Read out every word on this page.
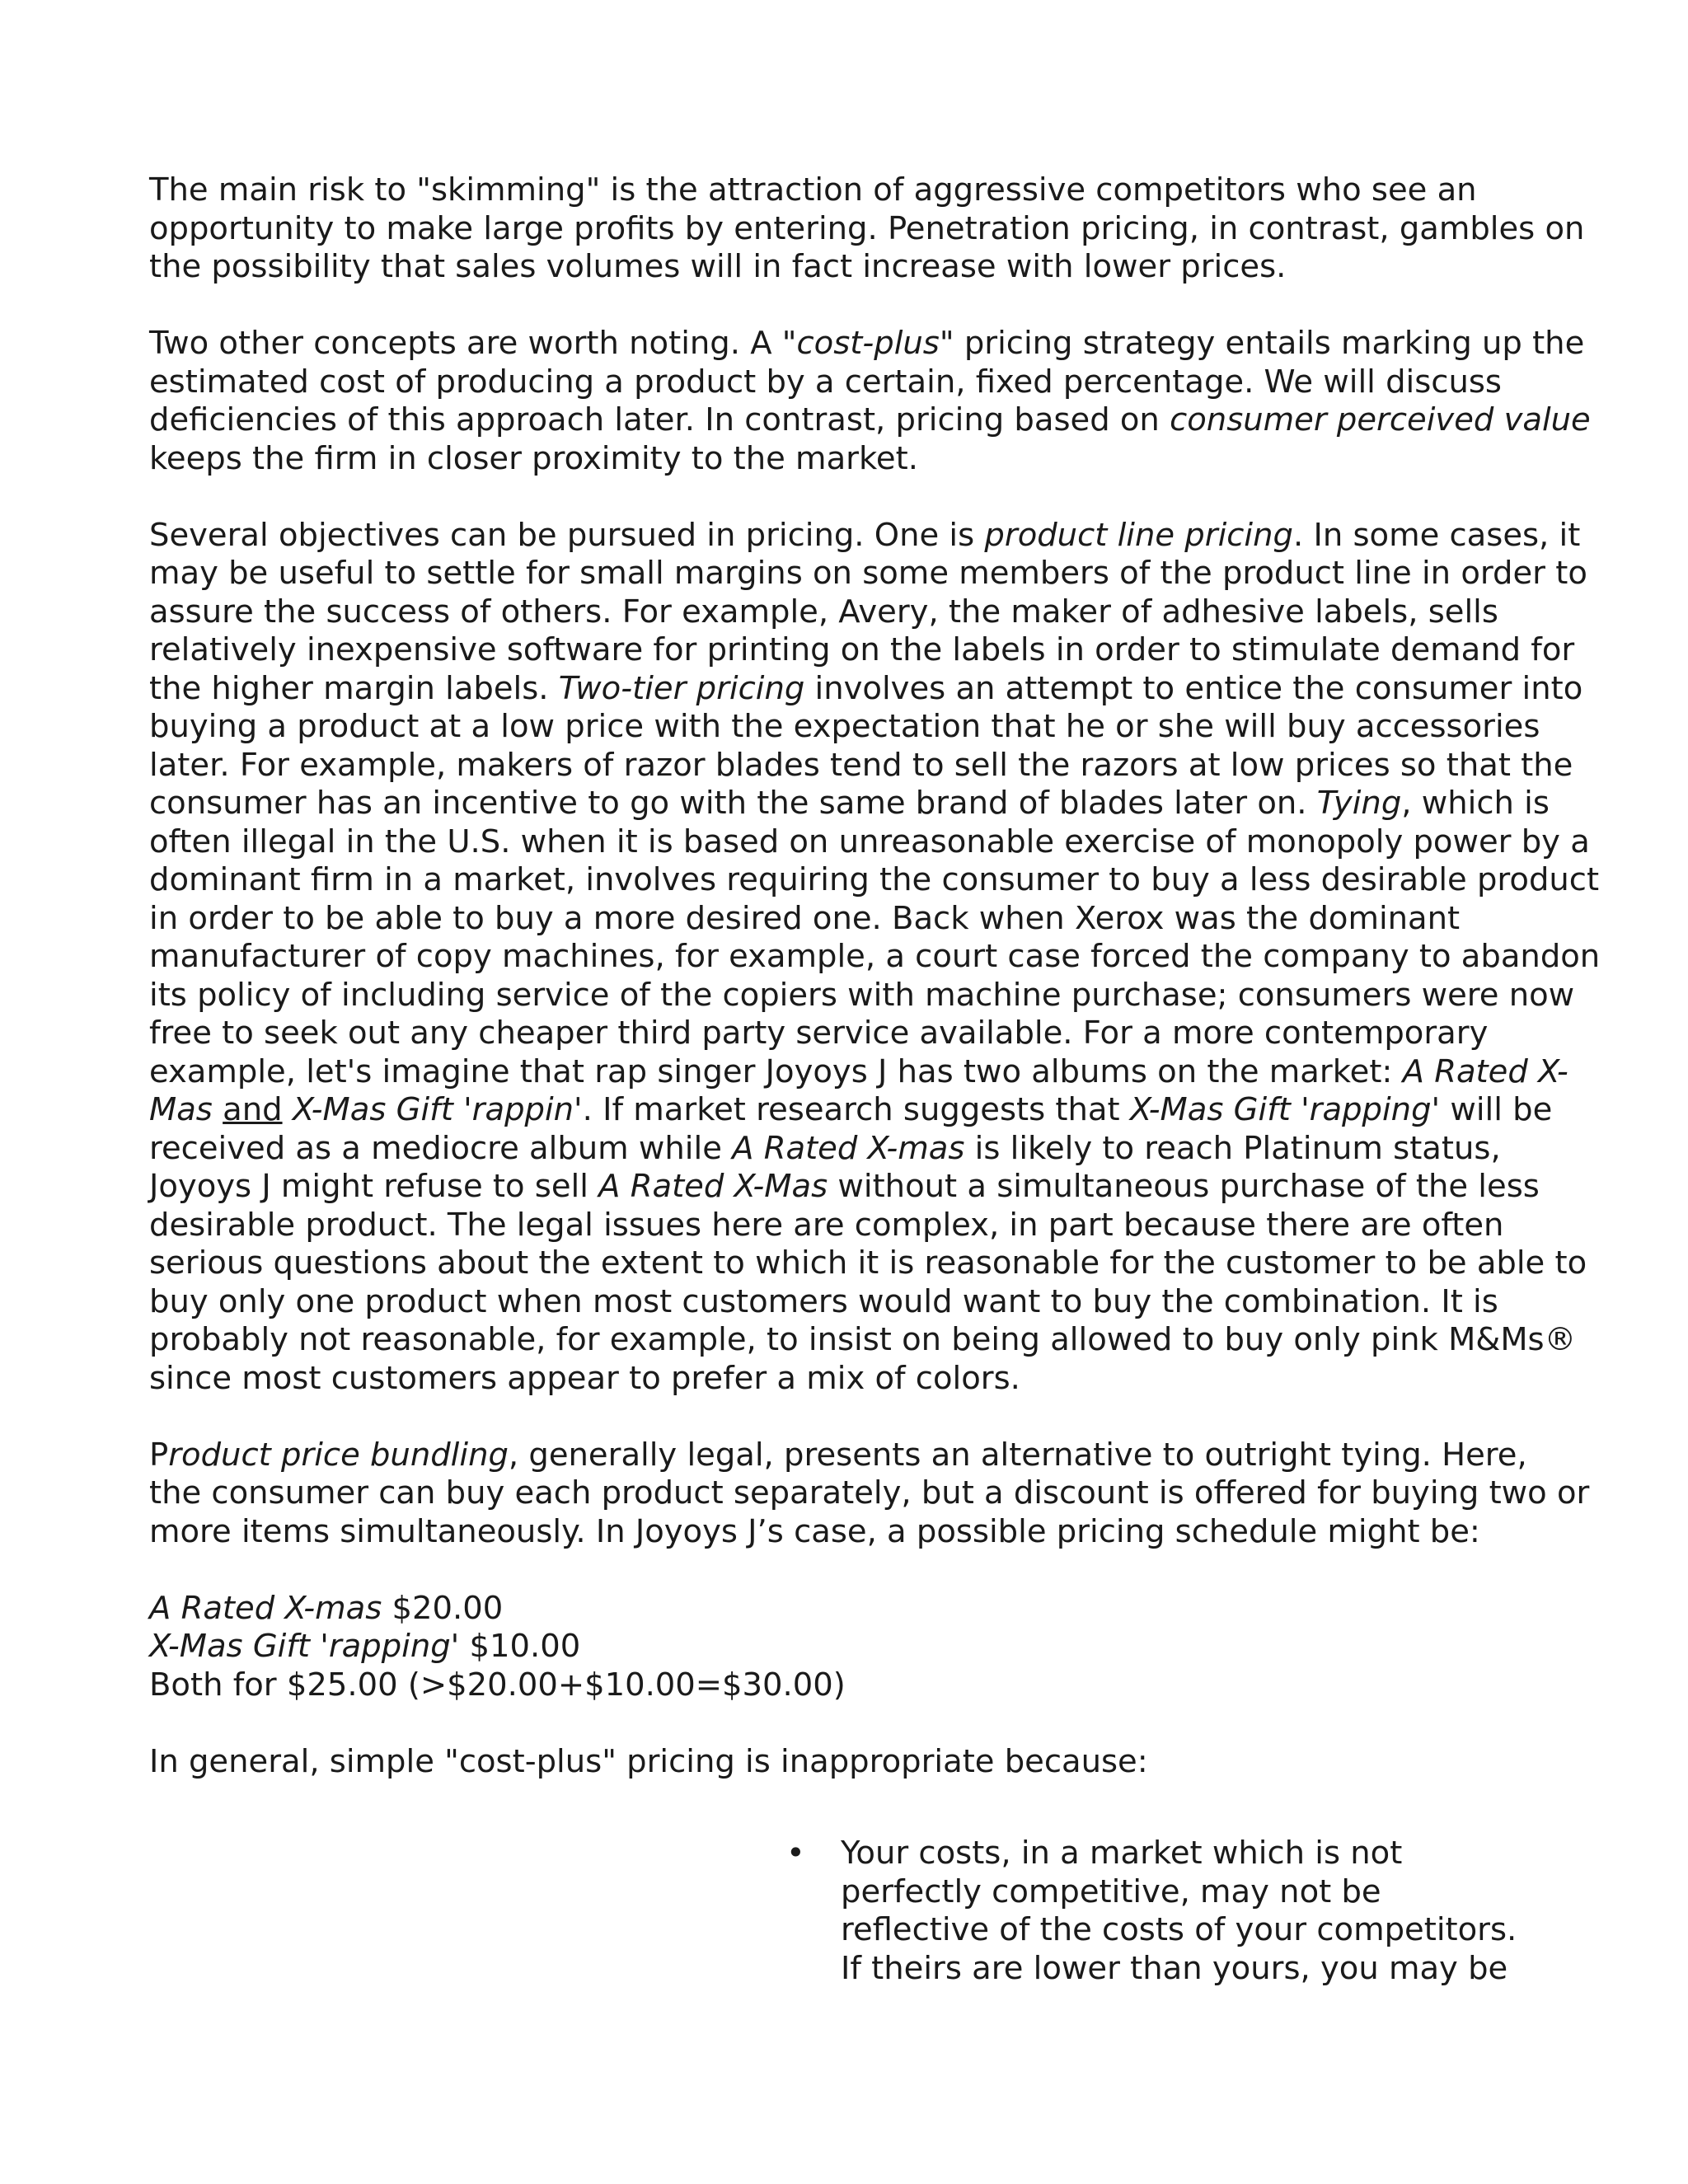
The main risk to "skimming" is the attraction of aggressive competitors who see an
opportunity to make large profits by entering. Penetration pricing, in contrast, gambles on
the possibility that sales volumes will in fact increase with lower prices.

Two other concepts are worth noting. A "cost-plus" pricing strategy entails marking up the
estimated cost of producing a product by a certain, fixed percentage. We will discuss
deficiencies of this approach later. In contrast, pricing based on consumer perceived value
keeps the firm in closer proximity to the market.

Several objectives can be pursued in pricing. One is product line pricing. In some cases, it
may be useful to settle for small margins on some members of the product line in order to
assure the success of others. For example, Avery, the maker of adhesive labels, sells
relatively inexpensive software for printing on the labels in order to stimulate demand for
the higher margin labels. Two-tier pricing involves an attempt to entice the consumer into
buying a product at a low price with the expectation that he or she will buy accessories
later. For example, makers of razor blades tend to sell the razors at low prices so that the
consumer has an incentive to go with the same brand of blades later on. Tying, which is
often illegal in the U.S. when it is based on unreasonable exercise of monopoly power by a
dominant firm in a market, involves requiring the consumer to buy a less desirable product
in order to be able to buy a more desired one. Back when Xerox was the dominant
manufacturer of copy machines, for example, a court case forced the company to abandon
its policy of including service of the copiers with machine purchase; consumers were now
free to seek out any cheaper third party service available. For a more contemporary
example, let's imagine that rap singer Joyoys J has two albums on the market: A Rated X-
Mas and X-Mas Gift 'rappin'. If market research suggests that X-Mas Gift 'rapping' will be
received as a mediocre album while A Rated X-mas is likely to reach Platinum status,
Joyoys J might refuse to sell A Rated X-Mas without a simultaneous purchase of the less
desirable product. The legal issues here are complex, in part because there are often
serious questions about the extent to which it is reasonable for the customer to be able to
buy only one product when most customers would want to buy the combination. It is
probably not reasonable, for example, to insist on being allowed to buy only pink M&Ms®
since most customers appear to prefer a mix of colors.

Product price bundling, generally legal, presents an alternative to outright tying. Here,
the consumer can buy each product separately, but a discount is offered for buying two or
more items simultaneously. In Joyoys J’s case, a possible pricing schedule might be:

A Rated X-mas $20.00
X-Mas Gift 'rapping' $10.00
Both for $25.00 (>$20.00+$10.00=$30.00)

In general, simple "cost-plus" pricing is inappropriate because:

• Your costs, in a market which is not
perfectly competitive, may not be
reflective of the costs of your competitors.
If theirs are lower than yours, you may be
